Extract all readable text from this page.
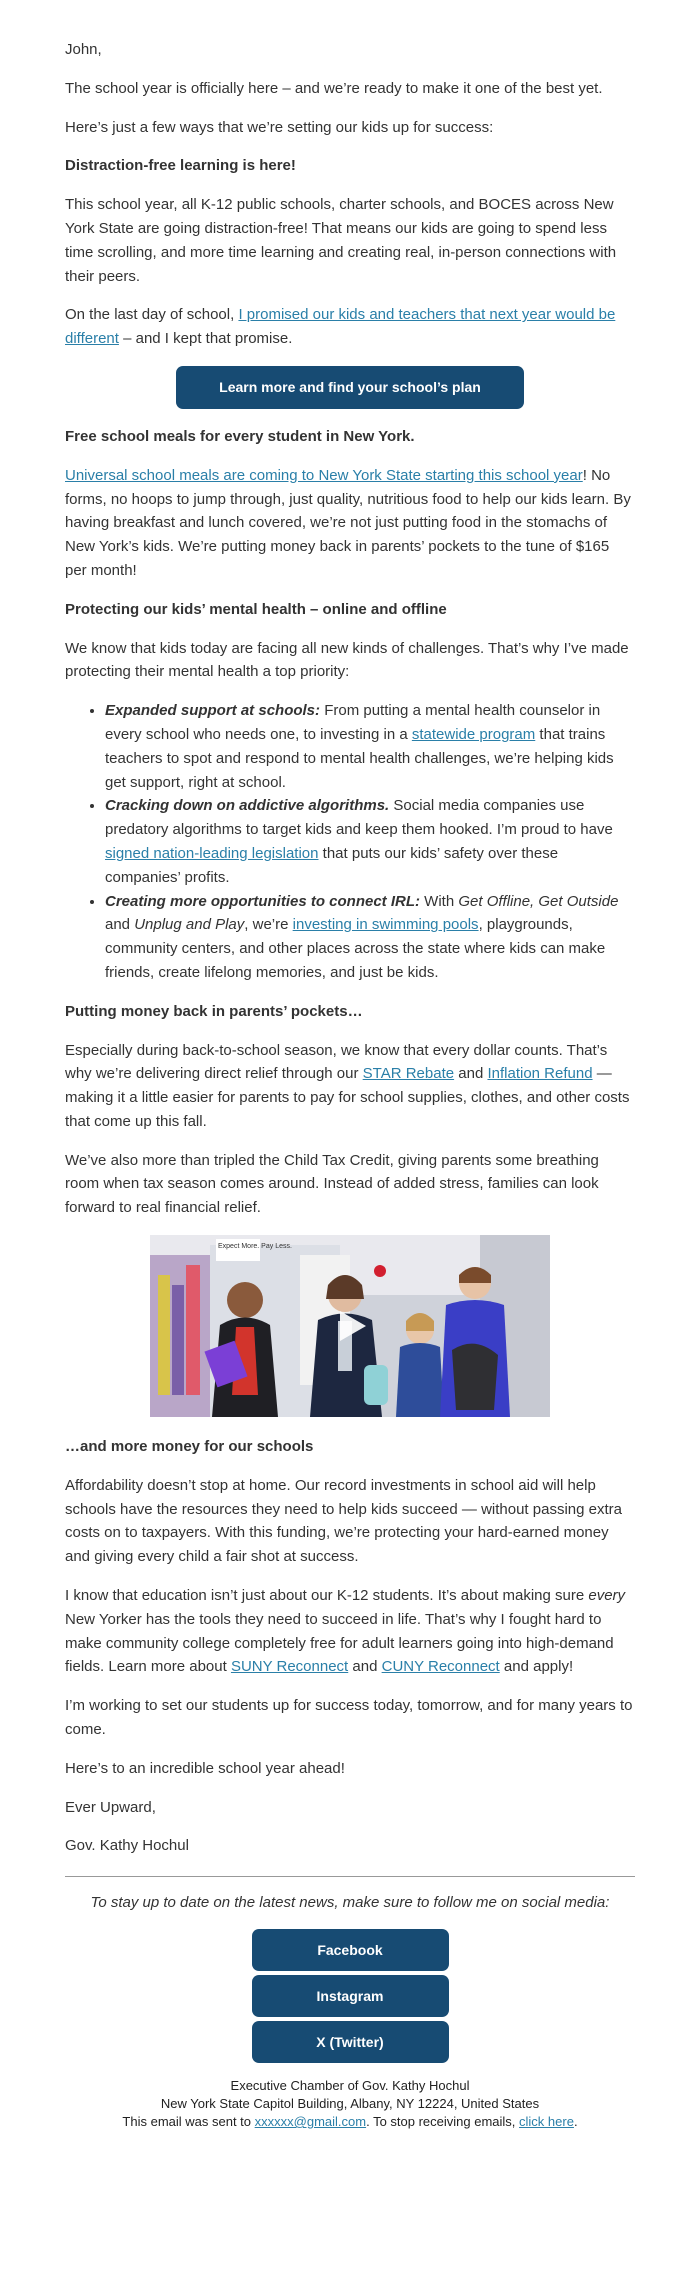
John,

The school year is officially here – and we’re ready to make it one of the best yet.

Here’s just a few ways that we’re setting our kids up for success:

Distraction-free learning is here!

This school year, all K-12 public schools, charter schools, and BOCES across New York State are going distraction-free! That means our kids are going to spend less time scrolling, and more time learning and creating real, in-person connections with their peers.

On the last day of school, I promised our kids and teachers that next year would be different – and I kept that promise.

Learn more and find your school’s plan

Free school meals for every student in New York.

Universal school meals are coming to New York State starting this school year! No forms, no hoops to jump through, just quality, nutritious food to help our kids learn. By having breakfast and lunch covered, we’re not just putting food in the stomachs of New York’s kids. We’re putting money back in parents’ pockets to the tune of $165 per month!

Protecting our kids’ mental health – online and offline

We know that kids today are facing all new kinds of challenges. That’s why I’ve made protecting their mental health a top priority:

• Expanded support at schools: From putting a mental health counselor in every school who needs one, to investing in a statewide program that trains teachers to spot and respond to mental health challenges, we’re helping kids get support, right at school.
• Cracking down on addictive algorithms. Social media companies use predatory algorithms to target kids and keep them hooked. I’m proud to have signed nation-leading legislation that puts our kids’ safety over these companies’ profits.
• Creating more opportunities to connect IRL: With Get Offline, Get Outside and Unplug and Play, we’re investing in swimming pools, playgrounds, community centers, and other places across the state where kids can make friends, create lifelong memories, and just be kids.

Putting money back in parents’ pockets…

Especially during back-to-school season, we know that every dollar counts. That’s why we’re delivering direct relief through our STAR Rebate and Inflation Refund — making it a little easier for parents to pay for school supplies, clothes, and other costs that come up this fall.

We’ve also more than tripled the Child Tax Credit, giving parents some breathing room when tax season comes around. Instead of added stress, families can look forward to real financial relief.

Expect More. Pay Less.

…and more money for our schools

Affordability doesn’t stop at home. Our record investments in school aid will help schools have the resources they need to help kids succeed — without passing extra costs on to taxpayers. With this funding, we’re protecting your hard-earned money and giving every child a fair shot at success.

I know that education isn’t just about our K-12 students. It’s about making sure every New Yorker has the tools they need to succeed in life. That’s why I fought hard to make community college completely free for adult learners going into high-demand fields. Learn more about SUNY Reconnect and CUNY Reconnect and apply!

I’m working to set our students up for success today, tomorrow, and for many years to come.

Here’s to an incredible school year ahead!

Ever Upward,

Gov. Kathy Hochul

To stay up to date on the latest news, make sure to follow me on social media:

Facebook
Instagram
X (Twitter)
Executive Chamber of Gov. Kathy Hochul
New York State Capitol Building, Albany, NY 12224, United States
This email was sent to xxxxxx@gmail.com. To stop receiving emails, click here.
